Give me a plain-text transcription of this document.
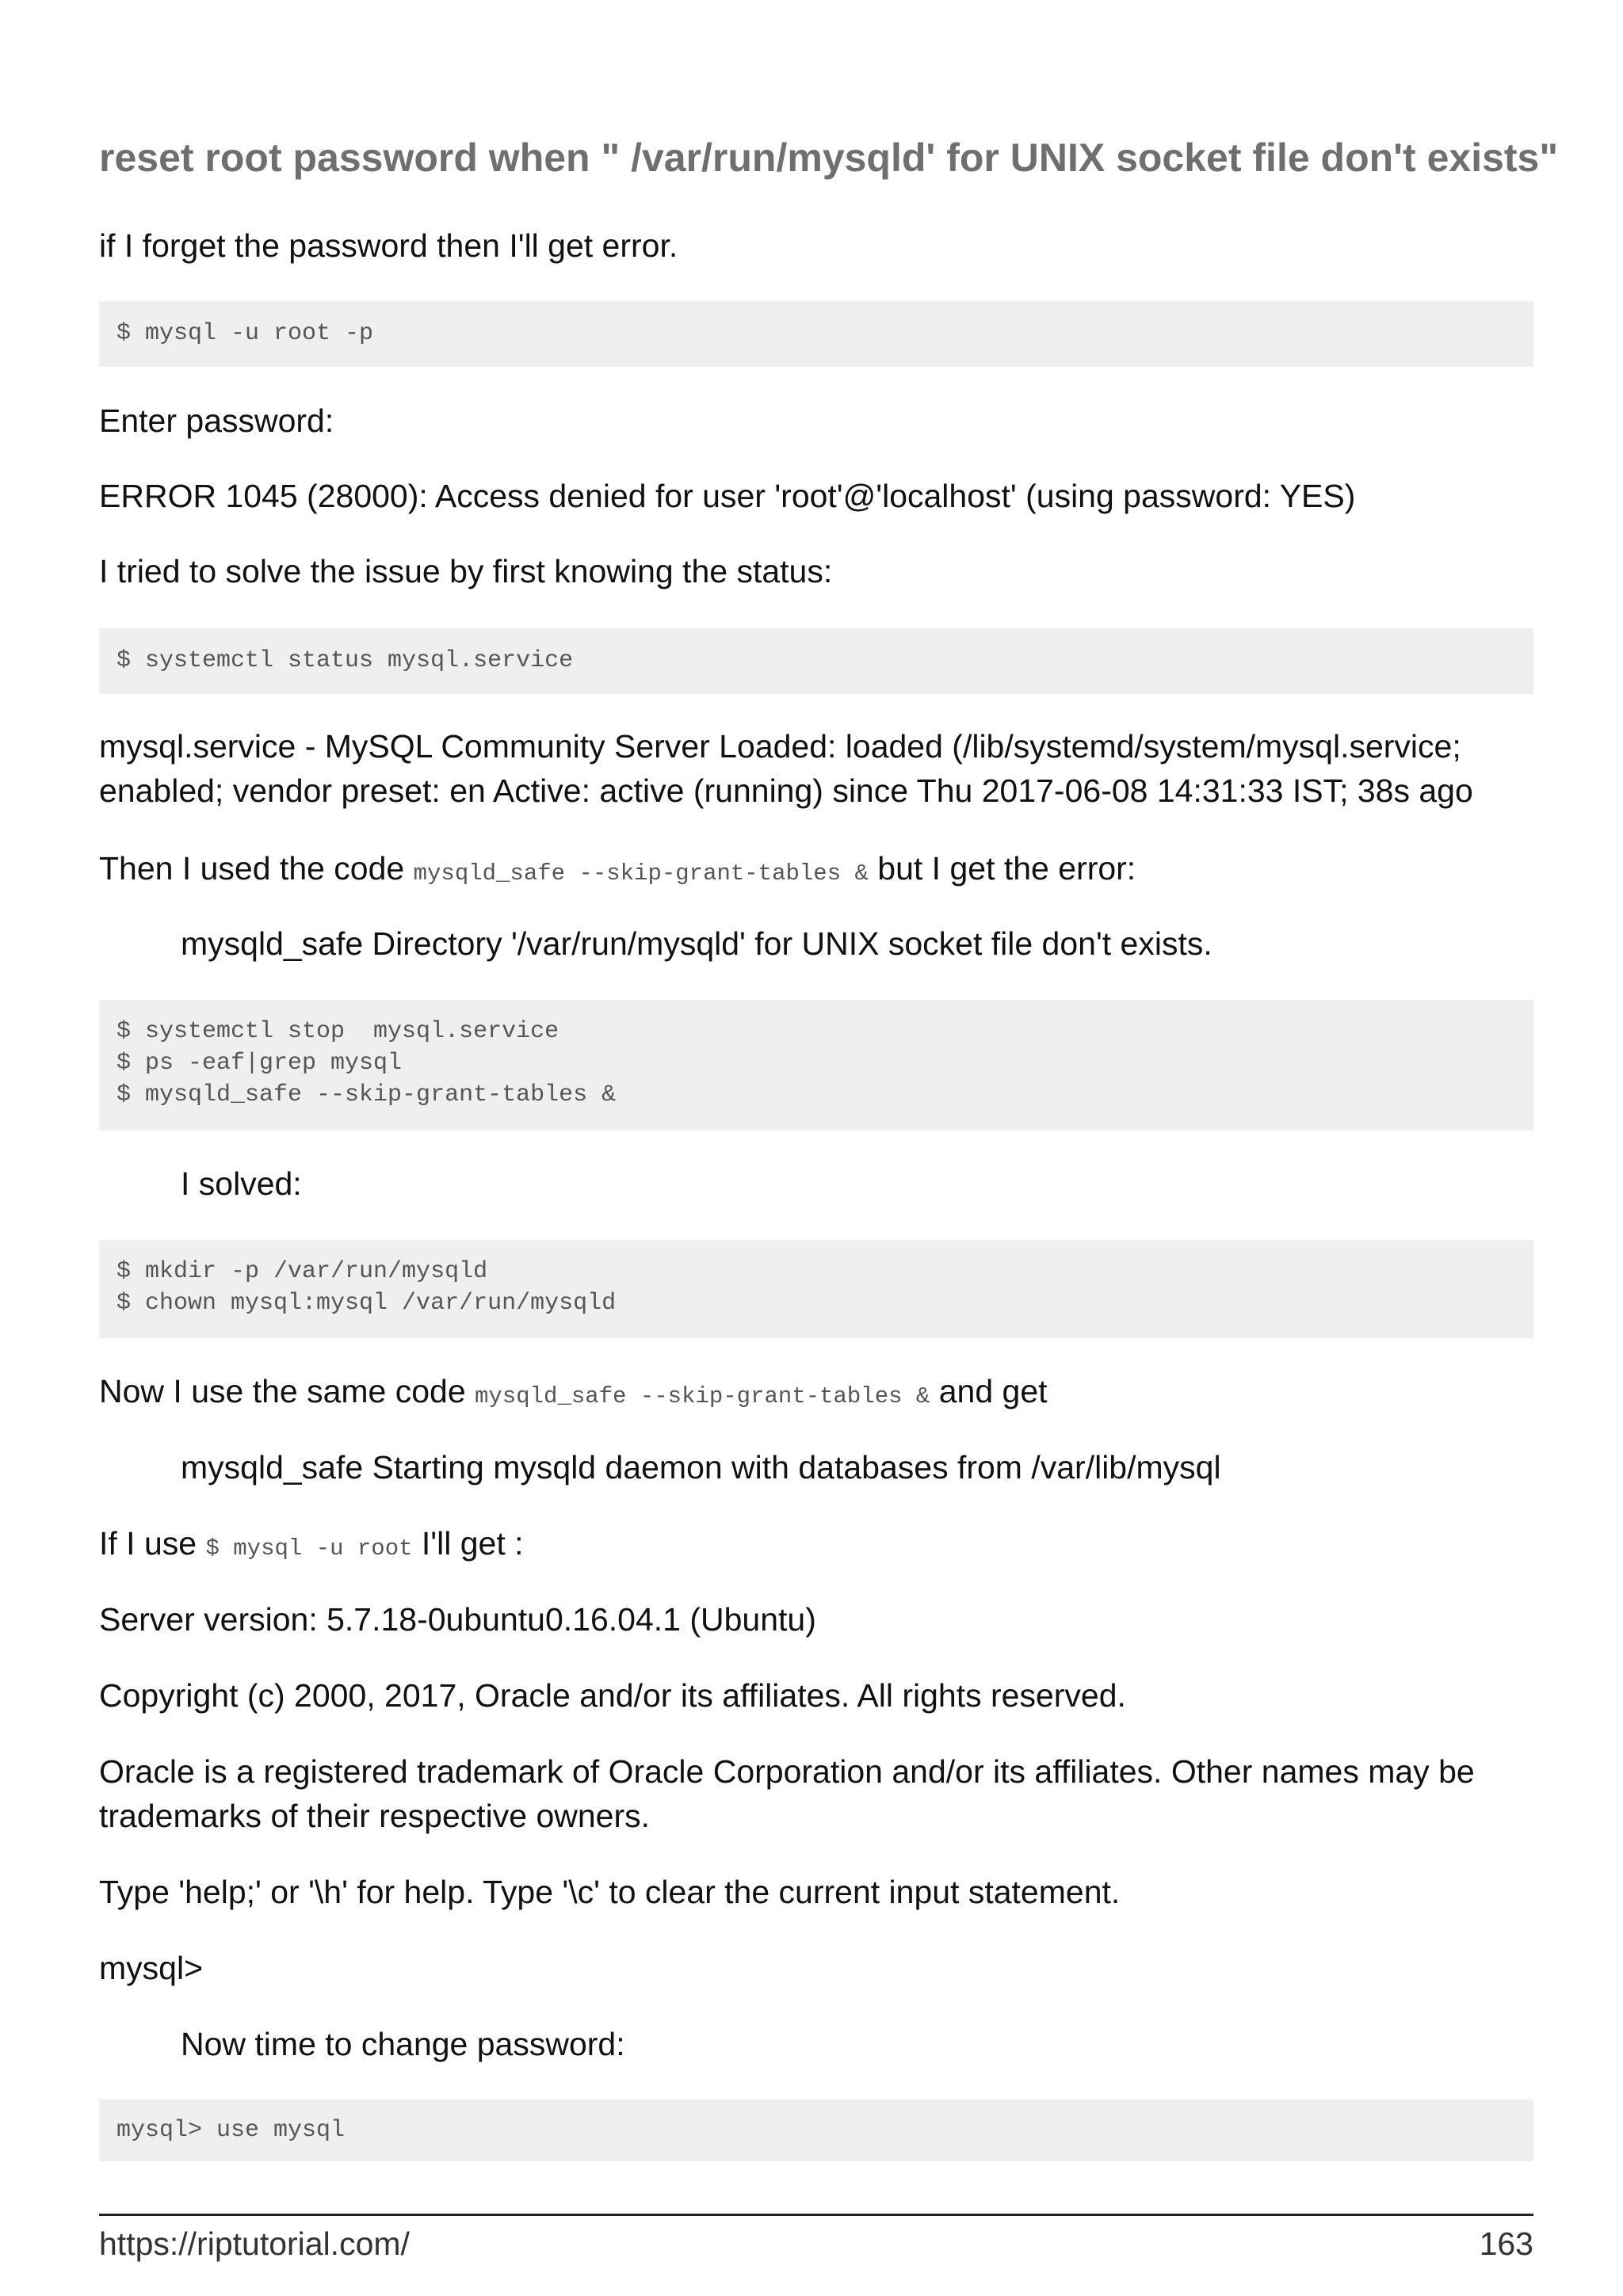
reset root password when " /var/run/mysqld' for UNIX socket file don't exists"

if I forget the password then I'll get error.

$ mysql -u root -p

Enter password:

ERROR 1045 (28000): Access denied for user 'root'@'localhost' (using password: YES)

I tried to solve the issue by first knowing the status:

$ systemctl status mysql.service

mysql.service - MySQL Community Server Loaded: loaded (/lib/systemd/system/mysql.service;

enabled; vendor preset: en Active: active (running) since Thu 2017-06-08 14:31:33 IST; 38s ago

Then I used the code mysqld_safe --skip-grant-tables & but I get the error:

mysqld_safe Directory '/var/run/mysqld' for UNIX socket file don't exists.

$ systemctl stop  mysql.service
$ ps -eaf|grep mysql
$ mysqld_safe --skip-grant-tables &

I solved:

$ mkdir -p /var/run/mysqld
$ chown mysql:mysql /var/run/mysqld

Now I use the same code mysqld_safe --skip-grant-tables & and get

mysqld_safe Starting mysqld daemon with databases from /var/lib/mysql

If I use $ mysql -u root I'll get :

Server version: 5.7.18-0ubuntu0.16.04.1 (Ubuntu)

Copyright (c) 2000, 2017, Oracle and/or its affiliates. All rights reserved.

Oracle is a registered trademark of Oracle Corporation and/or its affiliates. Other names may be

trademarks of their respective owners.

Type 'help;' or '\h' for help. Type '\c' to clear the current input statement.

mysql>

Now time to change password:

mysql> use mysql
https://riptutorial.com/	163
